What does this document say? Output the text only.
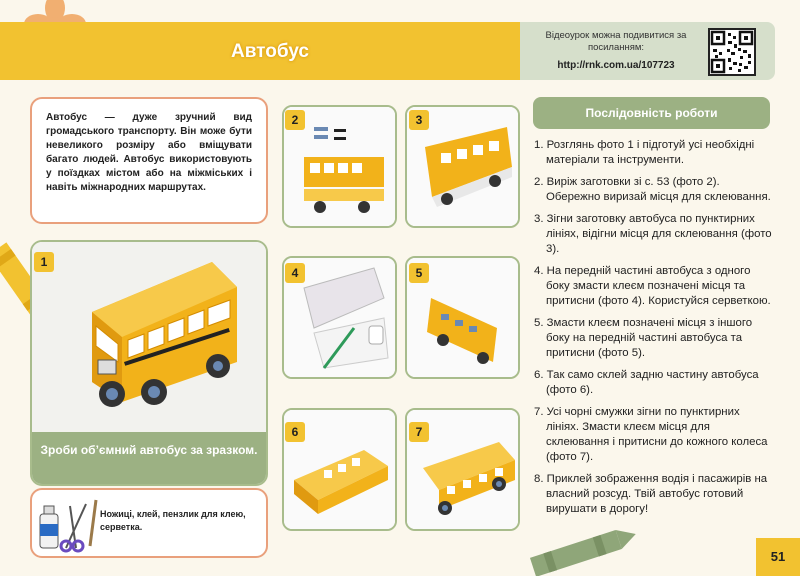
Автобус
Відеоурок можна подивитися за посиланням:
http://rnk.com.ua/107723
Автобус — дуже зручний вид громадського транспорту. Він може бути невеликого розміру або вміщувати багато людей. Автобус використовують у поїздках містом або на міжміських і навіть міжнародних маршрутах.
Зроби об’ємний автобус за зразком.
1
Ножиці, клей, пензлик для клею, серветка.
2	3
4	5
6	7
Послідовність роботи
1. Розглянь фото 1 і підготуй усі необхідні матеріали та інструменти.
2. Виріж заготовки зі с. 53 (фото 2). Обережно виризай місця для склеювання.
3. Зігни заготовку автобуса по пунктирних лініях, відігни місця для склеювання (фото 3).
4. На передній частині автобуса з одного боку змасти клеєм позначені місця та притисни (фото 4). Користуйся серветкою.
5. Змасти клеєм позначені місця з іншого боку на передній частині автобуса та притисни (фото 5).
6. Так само склей задню частину автобуса (фото 6).
7. Усі чорні смужки зігни по пунктирних лініях. Змасти клеєм місця для склеювання і притисни до кожного колеса (фото 7).
8. Приклей зображення водія і пасажирів на власний розсуд. Твій автобус готовий вирушати в дорогу!
51
